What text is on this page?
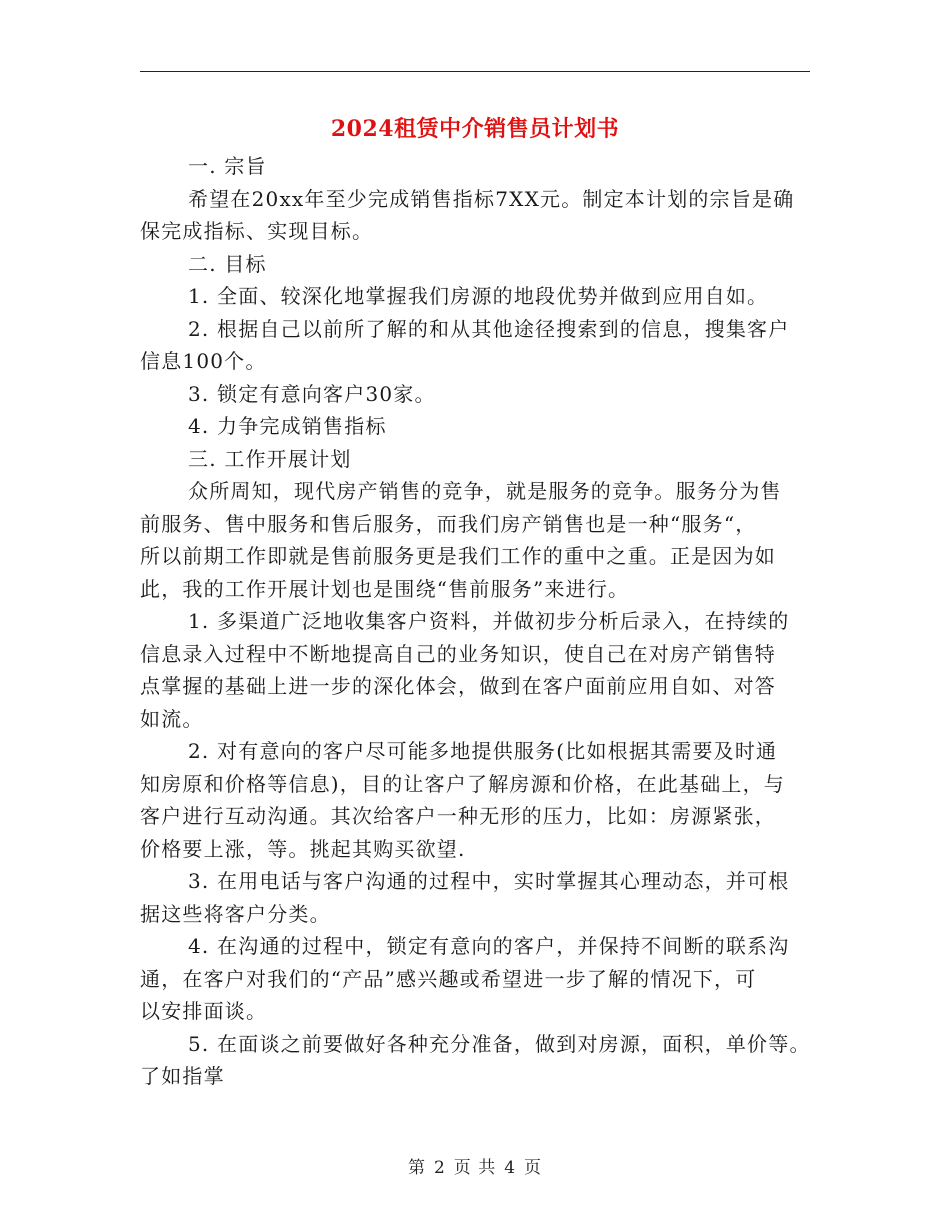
2024租赁中介销售员计划书

一. 宗旨

希望在20xx年至少完成销售指标7XX元。制定本计划的宗旨是确

保完成指标、实现目标。

二. 目标

1. 全面、较深化地掌握我们房源的地段优势并做到应用自如。

2. 根据自己以前所了解的和从其他途径搜索到的信息，搜集客户

信息100个。

3. 锁定有意向客户30家。

4. 力争完成销售指标

三. 工作开展计划

众所周知，现代房产销售的竞争，就是服务的竞争。服务分为售

前服务、售中服务和售后服务，而我们房产销售也是一种“服务“，

所以前期工作即就是售前服务更是我们工作的重中之重。正是因为如

此，我的工作开展计划也是围绕“售前服务”来进行。

1. 多渠道广泛地收集客户资料，并做初步分析后录入，在持续的

信息录入过程中不断地提高自己的业务知识，使自己在对房产销售特

点掌握的基础上进一步的深化体会，做到在客户面前应用自如、对答

如流。

2. 对有意向的客户尽可能多地提供服务(比如根据其需要及时通

知房原和价格等信息)，目的让客户了解房源和价格，在此基础上，与

客户进行互动沟通。其次给客户一种无形的压力，比如：房源紧张，

价格要上涨，等。挑起其购买欲望.

3. 在用电话与客户沟通的过程中，实时掌握其心理动态，并可根

据这些将客户分类。

4. 在沟通的过程中，锁定有意向的客户，并保持不间断的联系沟

通，在客户对我们的“产品”感兴趣或希望进一步了解的情况下，可

以安排面谈。

5. 在面谈之前要做好各种充分准备，做到对房源，面积，单价等。

了如指掌

第 2 页 共 4 页
